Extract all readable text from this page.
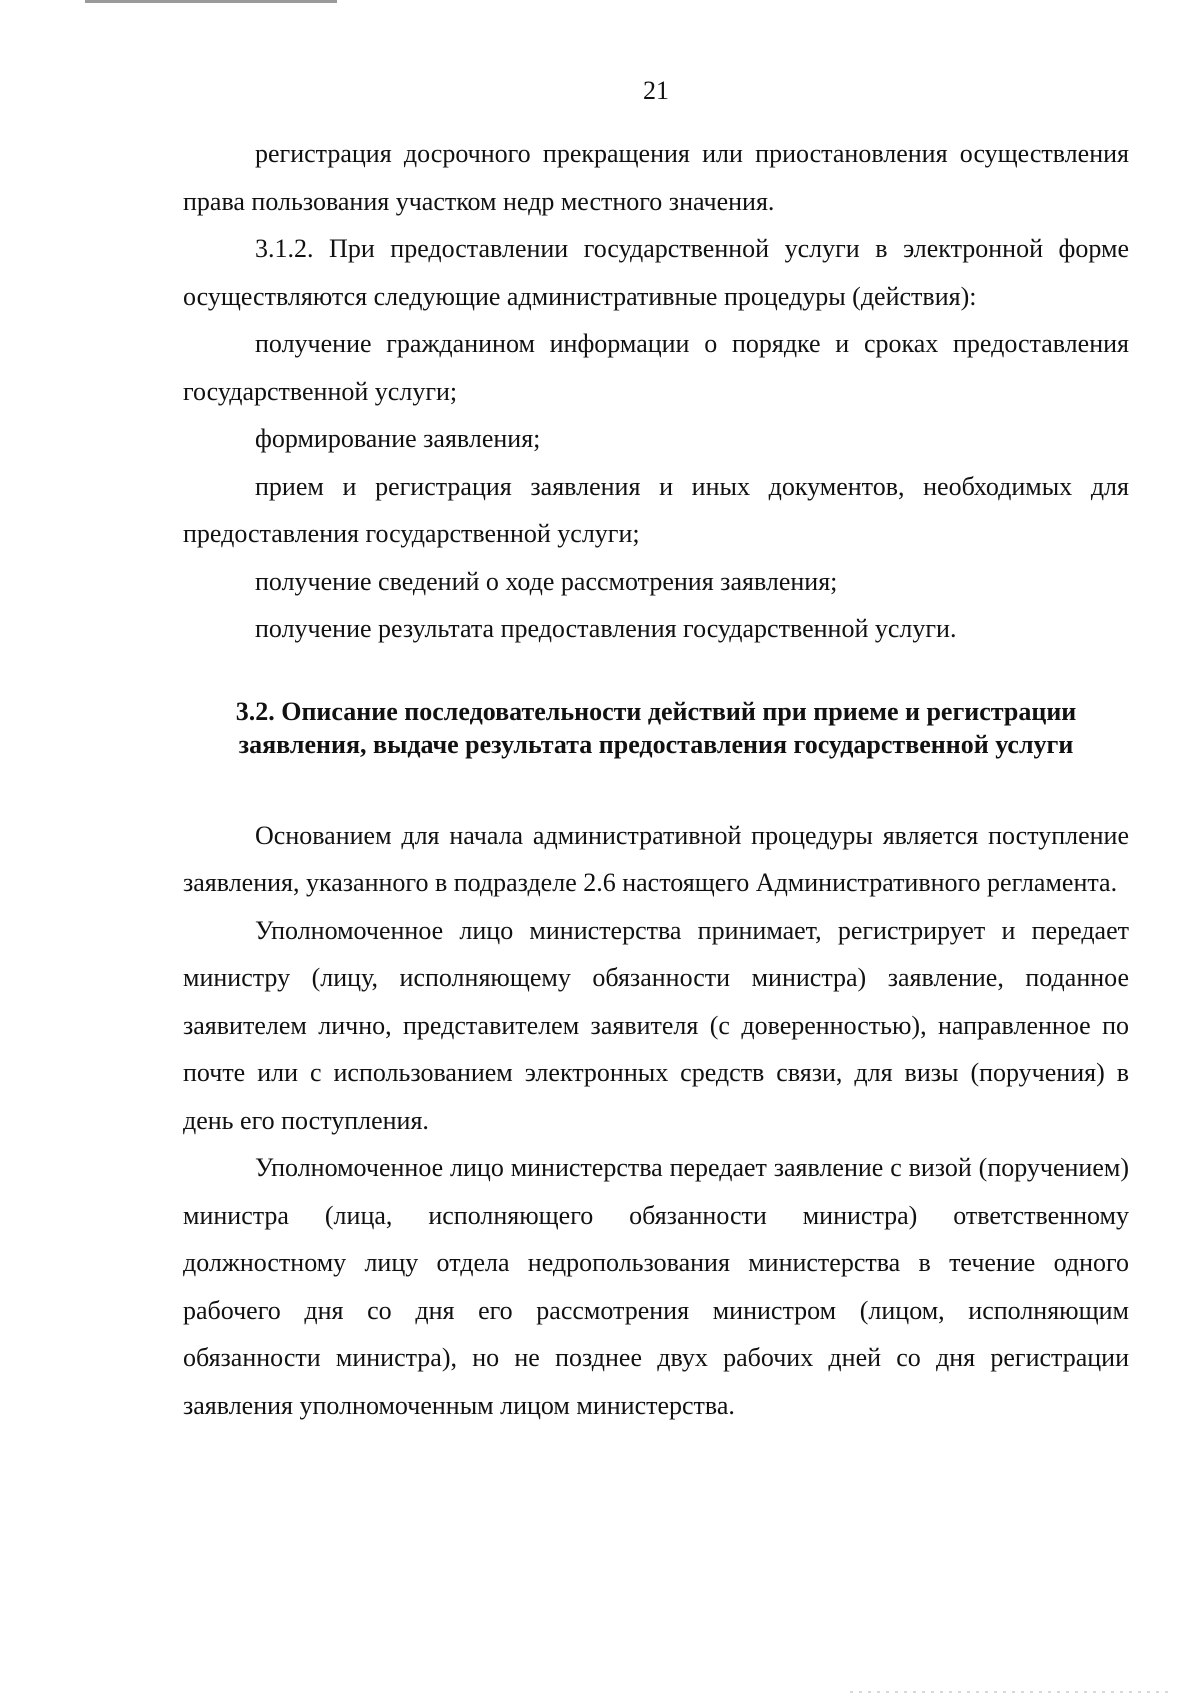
21

регистрация досрочного прекращения или приостановления осуществления права пользования участком недр местного значения.

3.1.2. При предоставлении государственной услуги в электронной форме осуществляются следующие административные процедуры (действия):

получение гражданином информации о порядке и сроках предоставления государственной услуги;

формирование заявления;

прием и регистрация заявления и иных документов, необходимых для предоставления государственной услуги;

получение сведений о ходе рассмотрения заявления;

получение результата предоставления государственной услуги.

3.2. Описание последовательности действий при приеме и регистрации
заявления, выдаче результата предоставления государственной услуги

Основанием для начала административной процедуры является поступление заявления, указанного в подразделе 2.6 настоящего Административного регламента.

Уполномоченное лицо министерства принимает, регистрирует и передает министру (лицу, исполняющему обязанности министра) заявление, поданное заявителем лично, представителем заявителя (с доверенностью), направленное по почте или с использованием электронных средств связи, для визы (поручения) в день его поступления.

Уполномоченное лицо министерства передает заявление с визой (поручением) министра (лица, исполняющего обязанности министра) ответственному должностному лицу отдела недропользования министерства в течение одного рабочего дня со дня его рассмотрения министром (лицом, исполняющим обязанности министра), но не позднее двух рабочих дней со дня регистрации заявления уполномоченным лицом министерства.
